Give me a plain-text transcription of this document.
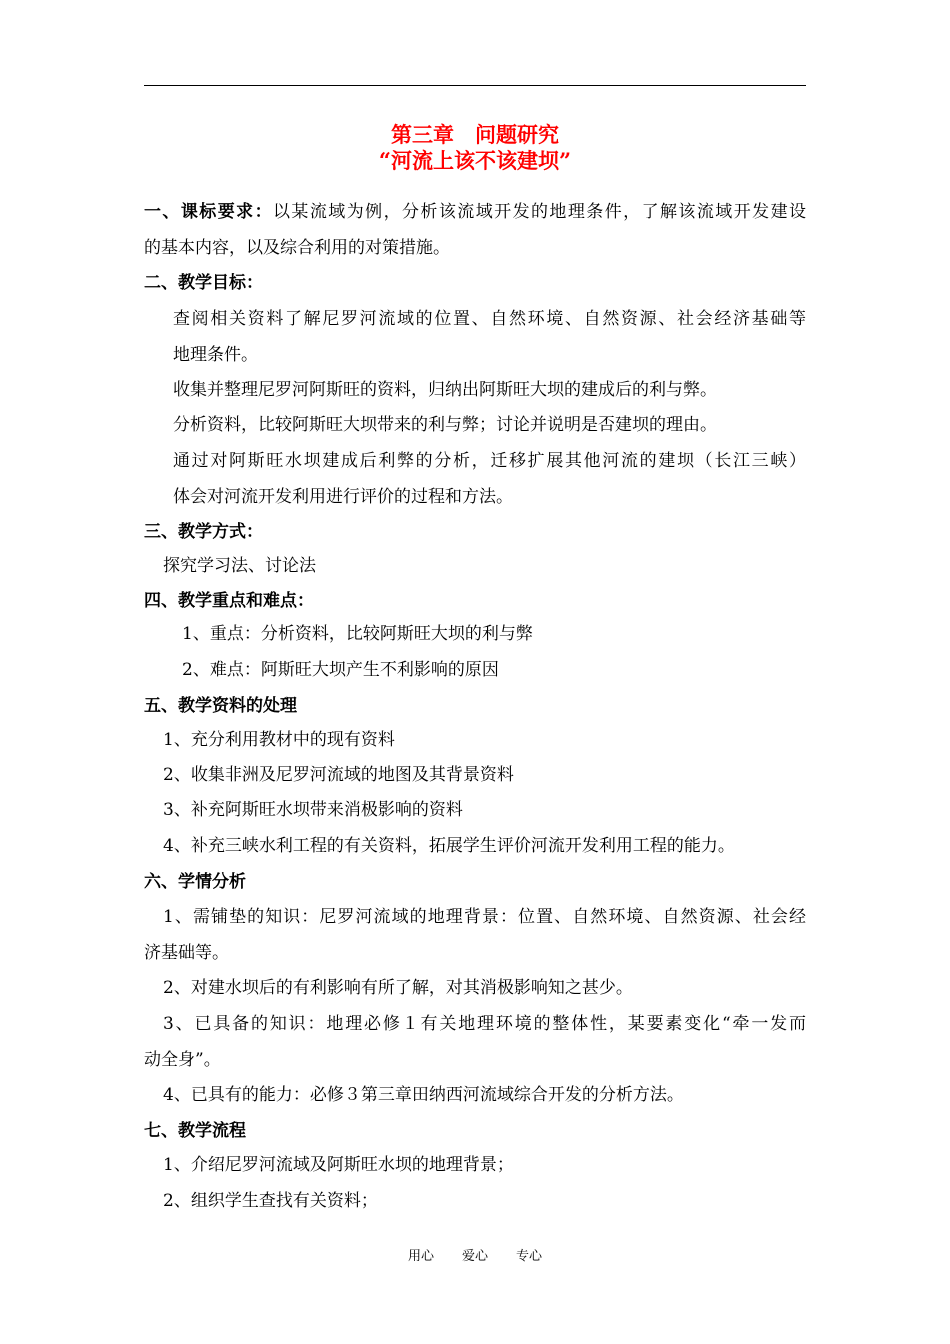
第三章　问题研究
“河流上该不该建坝”
一、课标要求：以某流域为例，分析该流域开发的地理条件，了解该流域开发建设
的基本内容，以及综合利用的对策措施。
二、教学目标：
查阅相关资料了解尼罗河流域的位置、自然环境、自然资源、社会经济基础等
地理条件。
收集并整理尼罗河阿斯旺的资料，归纳出阿斯旺大坝的建成后的利与弊。
分析资料，比较阿斯旺大坝带来的利与弊；讨论并说明是否建坝的理由。
通过对阿斯旺水坝建成后利弊的分析，迁移扩展其他河流的建坝（长江三峡）
体会对河流开发利用进行评价的过程和方法。
三、教学方式：
探究学习法、讨论法
四、教学重点和难点：
1、重点：分析资料，比较阿斯旺大坝的利与弊
2、难点：阿斯旺大坝产生不利影响的原因
五、教学资料的处理
1、充分利用教材中的现有资料
2、收集非洲及尼罗河流域的地图及其背景资料
3、补充阿斯旺水坝带来消极影响的资料
4、补充三峡水利工程的有关资料，拓展学生评价河流开发利用工程的能力。
六、学情分析
1、需铺垫的知识：尼罗河流域的地理背景：位置、自然环境、自然资源、社会经
济基础等。
2、对建水坝后的有利影响有所了解，对其消极影响知之甚少。
3、已具备的知识：地理必修１有关地理环境的整体性，某要素变化“牵一发而
动全身”。
4、已具有的能力：必修３第三章田纳西河流域综合开发的分析方法。
七、教学流程
1、介绍尼罗河流域及阿斯旺水坝的地理背景；
2、组织学生查找有关资料；
用心 爱心 专心
